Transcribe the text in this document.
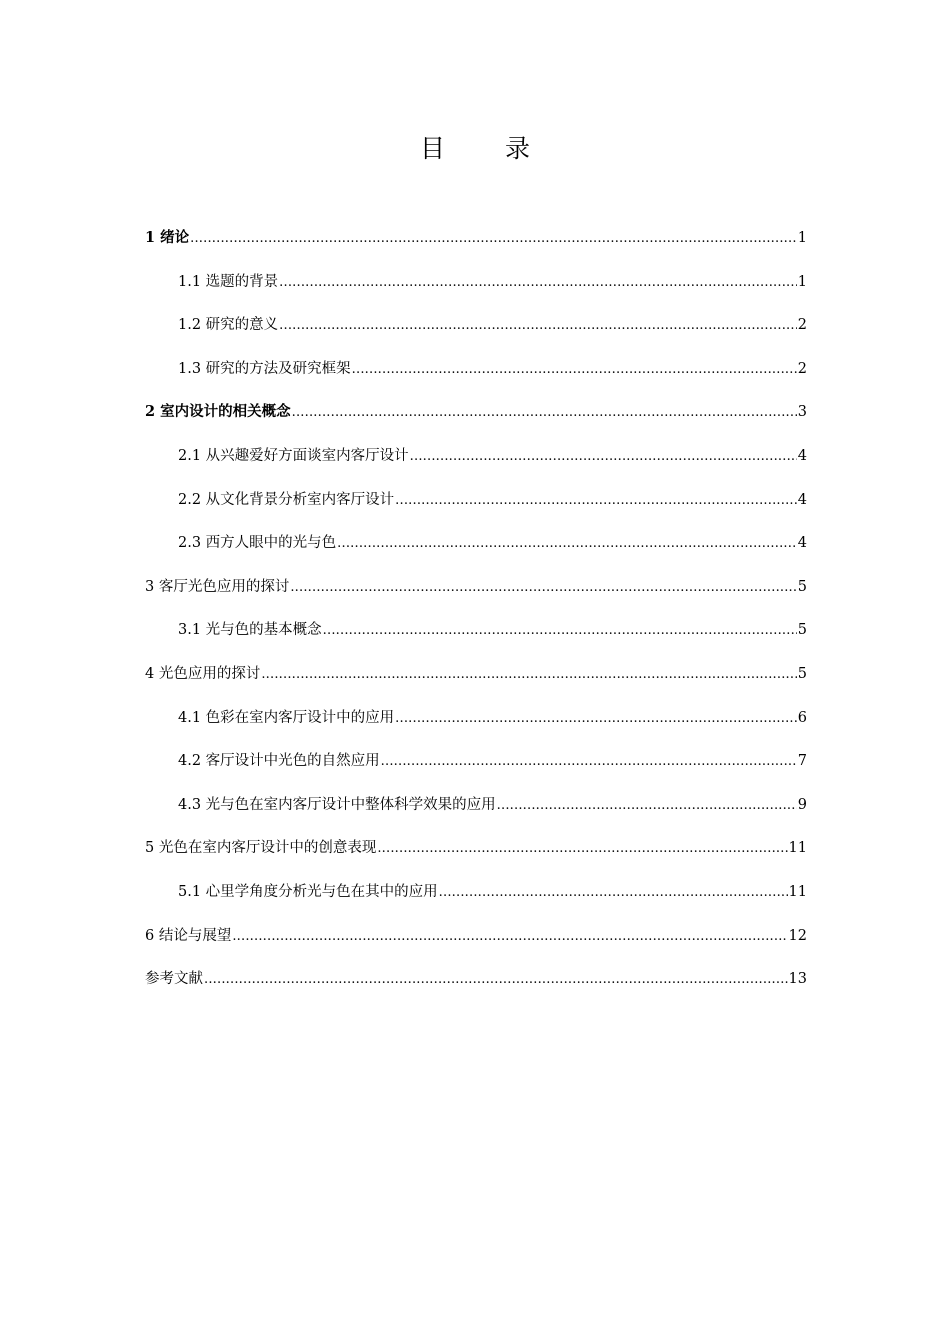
目 录
1 绪论 .....	1
1.1 选题的背景 .....	1
1.2 研究的意义 .....	2
1.3 研究的方法及研究框架 .....	2
2 室内设计的相关概念 .....	3
2.1 从兴趣爱好方面谈室内客厅设计 .....	4
2.2 从文化背景分析室内客厅设计 .....	4
2.3 西方人眼中的光与色 .....	4
3 客厅光色应用的探讨 .....	5
3.1 光与色的基本概念 .....	5
4 光色应用的探讨 .....	5
4.1 色彩在室内客厅设计中的应用 .....	6
4.2 客厅设计中光色的自然应用 .....	7
4.3 光与色在室内客厅设计中整体科学效果的应用 .....	9
5 光色在室内客厅设计中的创意表现 .....	11
5.1 心里学角度分析光与色在其中的应用 .....	11
6 结论与展望 .....	12
参考文献 .....	13
